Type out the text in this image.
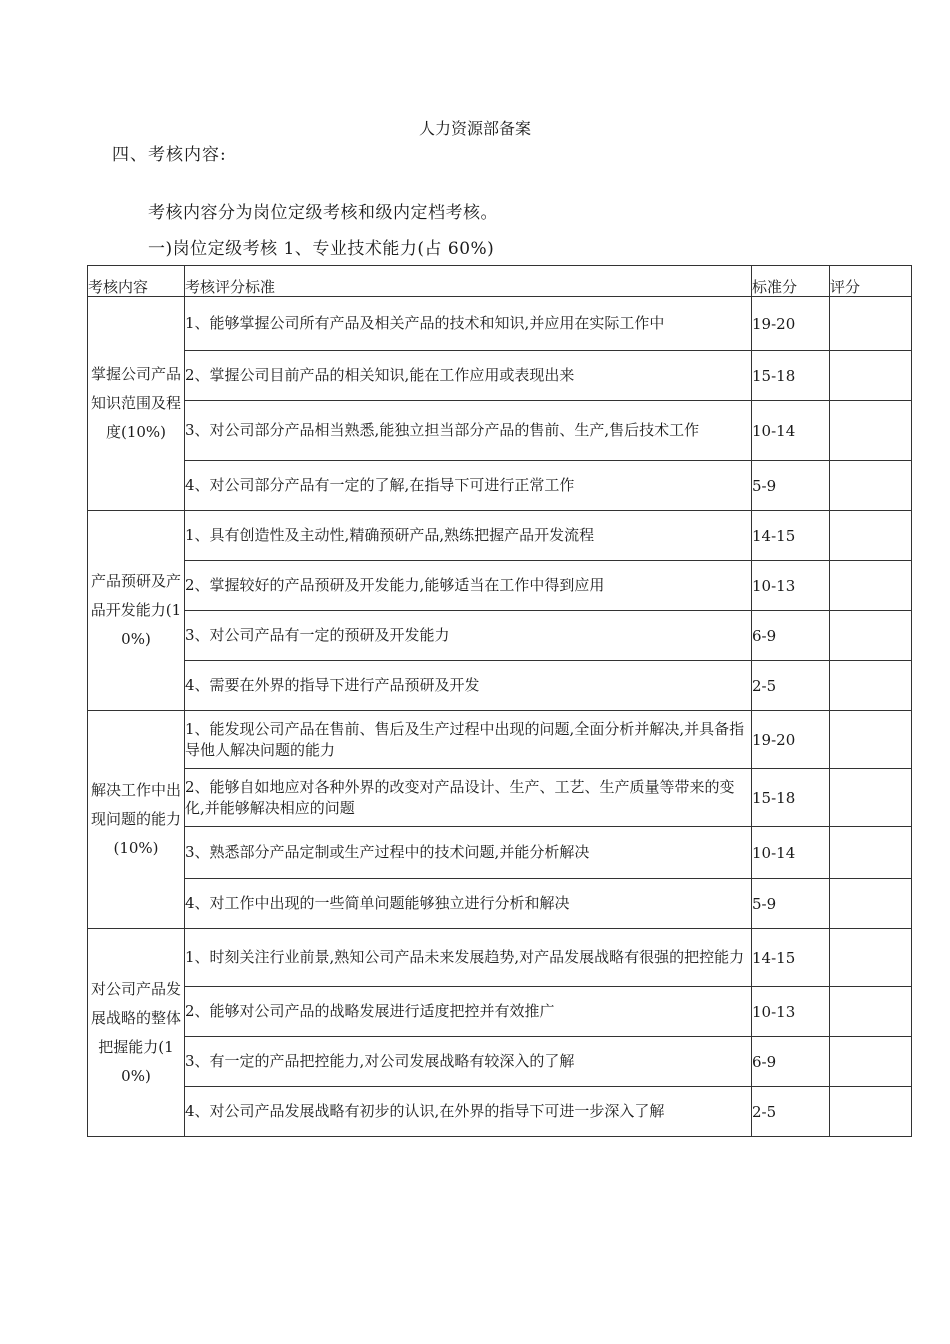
人力资源部备案
四、考核内容:
考核内容分为岗位定级考核和级内定档考核。
一)岗位定级考核 1、专业技术能力(占 60%)
考核内容	考核评分标准	标准分	评分
掌握公司产品知识范围及程度(10%)	1、能够掌握公司所有产品及相关产品的技术和知识,并应用在实际工作中	19-20	
	2、掌握公司目前产品的相关知识,能在工作应用或表现出来	15-18	
	3、对公司部分产品相当熟悉,能独立担当部分产品的售前、生产,售后技术工作	10-14	
	4、对公司部分产品有一定的了解,在指导下可进行正常工作	5-9	
产品预研及产品开发能力(10%)	1、具有创造性及主动性,精确预研产品,熟练把握产品开发流程	14-15	
	2、掌握较好的产品预研及开发能力,能够适当在工作中得到应用	10-13	
	3、对公司产品有一定的预研及开发能力	6-9	
	4、需要在外界的指导下进行产品预研及开发	2-5	
解决工作中出现问题的能力(10%)	1、能发现公司产品在售前、售后及生产过程中出现的问题,全面分析并解决,并具备指导他人解决问题的能力	19-20	
	2、能够自如地应对各种外界的改变对产品设计、生产、工艺、生产质量等带来的变化,并能够解决相应的问题	15-18	
	3、熟悉部分产品定制或生产过程中的技术问题,并能分析解决	10-14	
	4、对工作中出现的一些简单问题能够独立进行分析和解决	5-9	
对公司产品发展战略的整体把握能力(10%)	1、时刻关注行业前景,熟知公司产品未来发展趋势,对产品发展战略有很强的把控能力	14-15	
	2、能够对公司产品的战略发展进行适度把控并有效推广	10-13	
	3、有一定的产品把控能力,对公司发展战略有较深入的了解	6-9	
	4、对公司产品发展战略有初步的认识,在外界的指导下可进一步深入了解	2-5	
